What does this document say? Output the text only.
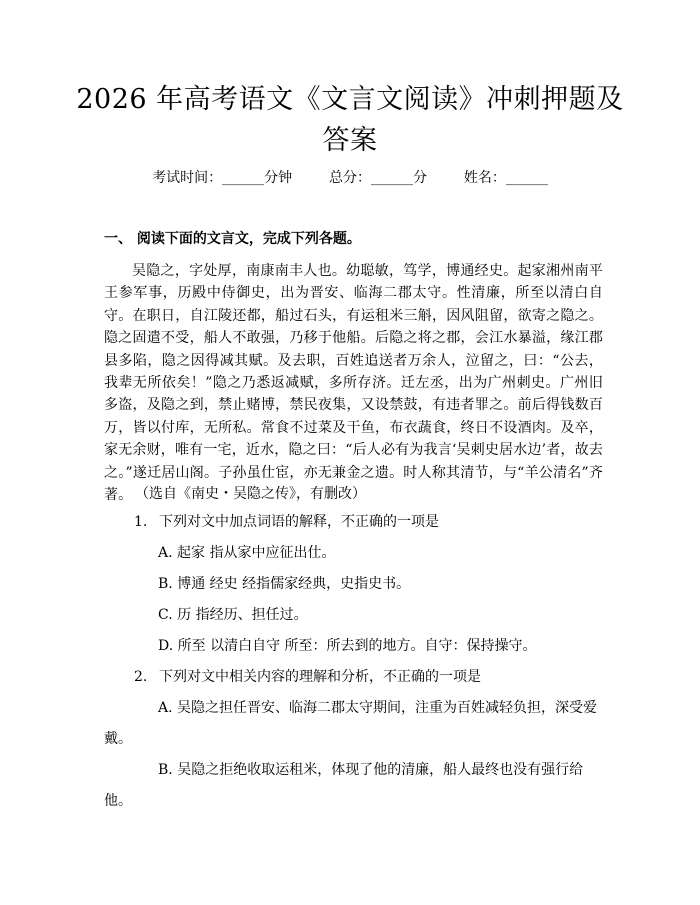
2026 年高考语文《文言文阅读》冲刺押题及
答案
考试时间：______分钟	总分：______分	姓名：______
一、 阅读下面的文言文，完成下列各题。
吴隐之，字处厚，南康南丰人也。幼聪敏，笃学，博通经史。起家湘州南平王参军事，历殿中侍御史，出为晋安、临海二郡太守。性清廉，所至以清白自守。在职日，自江陵还都，船过石头，有运租米三斛，因风阻留，欲寄之隐之。隐之固遣不受，船人不敢强，乃移于他船。后隐之将之郡，会江水暴溢，缘江郡县多陷，隐之因得减其赋。及去职，百姓追送者万余人，泣留之，曰：“公去，我辈无所依矣！”隐之乃悉返减赋，多所存济。迁左丞，出为广州刺史。广州旧多盗，及隐之到，禁止赌博，禁民夜集，又设禁鼓，有违者罪之。前后得钱数百万，皆以付库，无所私。常食不过菜及干鱼，布衣蔬食，终日不设酒肉。及卒，家无余财，唯有一宅，近水，隐之曰：“后人必有为我言‘吴刺史居水边’者，故去之。”遂迁居山阁。子孙虽仕宦，亦无兼金之遗。时人称其清节，与“羊公清名”齐著。 （选自《南史・吴隐之传》，有删改）
1. 下列对文中加点词语的解释，不正确的一项是
A. 起家 指从家中应征出仕。
B. 博通 经史 经指儒家经典，史指史书。
C. 历 指经历、担任过。
D. 所至 以清白自守 所至：所去到的地方。自守：保持操守。
2. 下列对文中相关内容的理解和分析，不正确的一项是
A. 吴隐之担任晋安、临海二郡太守期间，注重为百姓减轻负担，深受爱戴。
B. 吴隐之拒绝收取运租米，体现了他的清廉，船人最终也没有强行给他。
